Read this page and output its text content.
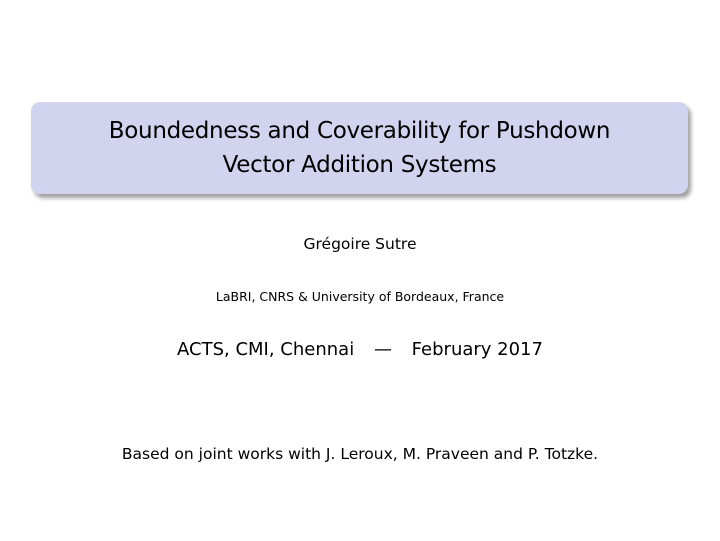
Boundedness and Coverability for Pushdown
Vector Addition Systems
Grégoire Sutre
LaBRI, CNRS & University of Bordeaux, France
ACTS, CMI, Chennai — February 2017
Based on joint works with J. Leroux, M. Praveen and P. Totzke.
